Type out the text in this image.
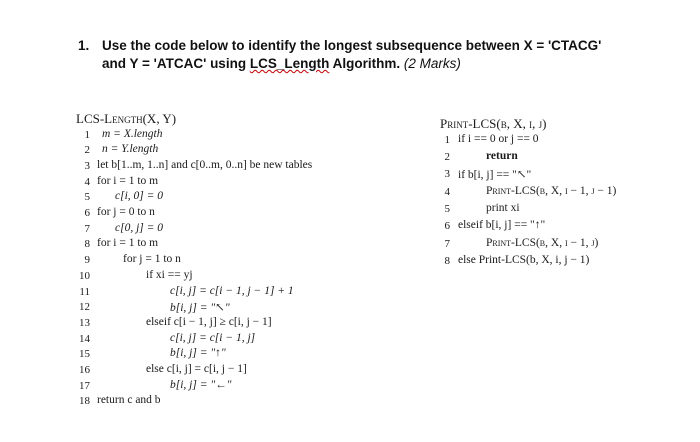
1. Use the code below to identify the longest subsequence between X = 'CTACG'
and Y = 'ATCAC' using LCS_Length Algorithm. (2 Marks)
LCS-Length(X, Y)
1 m = X.length
2 n = Y.length
3 let b[1..m, 1..n] and c[0..m, 0..n] be new tables
4 for i = 1 to m
5 c[i, 0] = 0
6 for j = 0 to n
7 c[0, j] = 0
8 for i = 1 to m
9	for j = 1 to n
10	if xi == yj
11	c[i, j] = c[i − 1, j − 1] + 1
12	b[i, j] = "↖"
13	elseif c[i − 1, j] ≥ c[i, j − 1]
14	c[i, j] = c[i − 1, j]
15	b[i, j] = "↑"
16	else c[i, j] = c[i, j − 1]
17	b[i, j] = "←"
18 return c and b
Print-LCS(b, X, i, j)
1 if i == 0 or j == 0
2	return
3 if b[i, j] == "↖"
4	Print-LCS(b, X, i − 1, j − 1)
5	print xi
6 elseif b[i, j] == "↑"
7	Print-LCS(b, X, i − 1, j)
8 else Print-LCS(b, X, i, j − 1)
